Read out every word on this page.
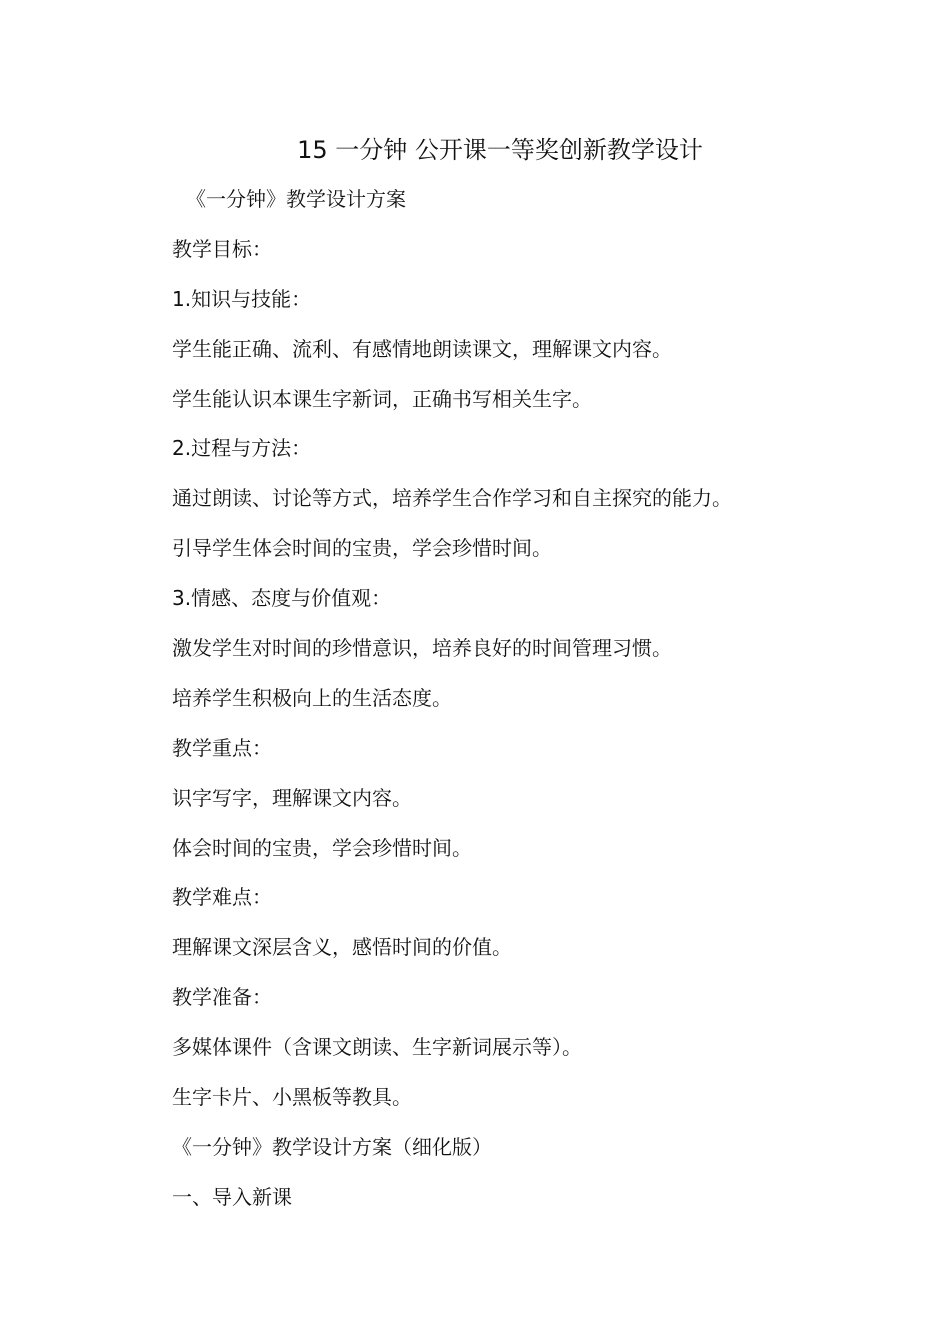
15 一分钟 公开课一等奖创新教学设计
《一分钟》教学设计方案
教学目标：
1.知识与技能：
学生能正确、流利、有感情地朗读课文，理解课文内容。
学生能认识本课生字新词，正确书写相关生字。
2.过程与方法：
通过朗读、讨论等方式，培养学生合作学习和自主探究的能力。
引导学生体会时间的宝贵，学会珍惜时间。
3.情感、态度与价值观：
激发学生对时间的珍惜意识，培养良好的时间管理习惯。
培养学生积极向上的生活态度。
教学重点：
识字写字，理解课文内容。
体会时间的宝贵，学会珍惜时间。
教学难点：
理解课文深层含义，感悟时间的价值。
教学准备：
多媒体课件（含课文朗读、生字新词展示等）。
生字卡片、小黑板等教具。
《一分钟》教学设计方案（细化版）
一、导入新课
